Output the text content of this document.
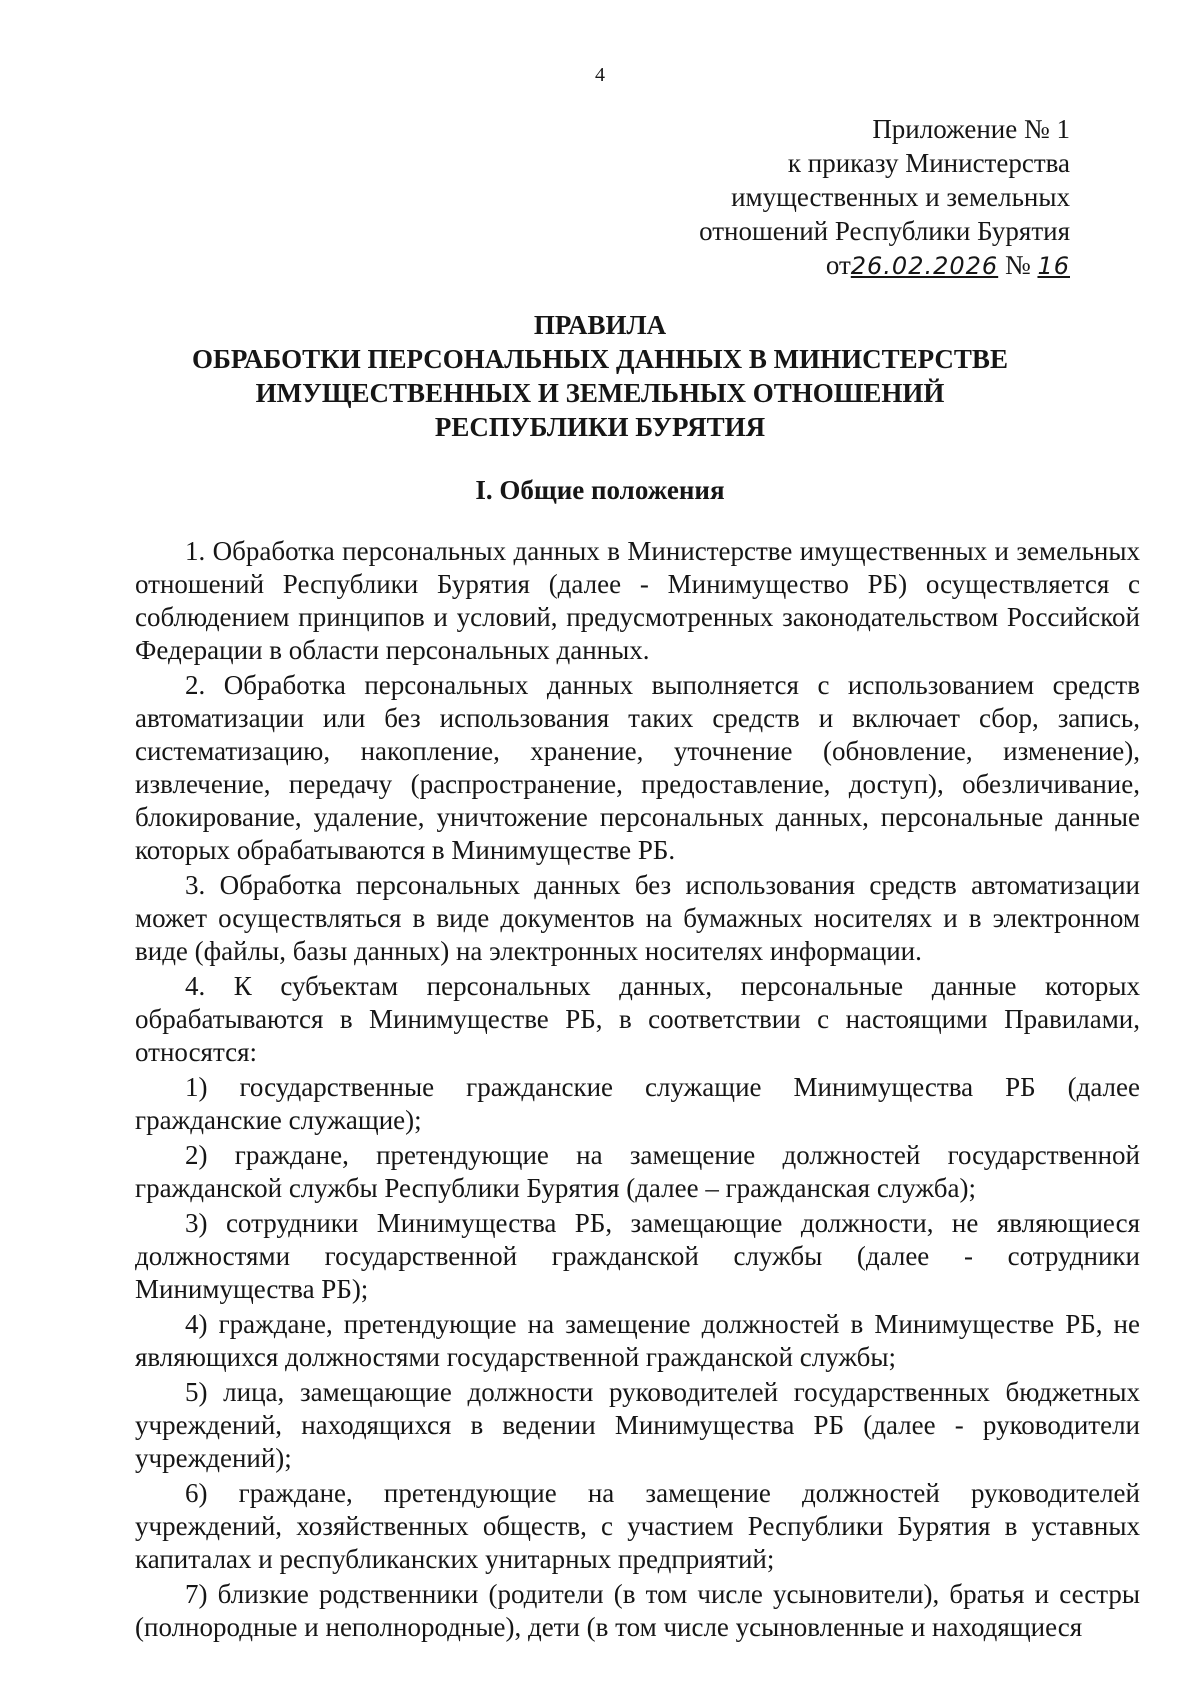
4
Приложение № 1
к приказу Министерства
имущественных и земельных
отношений Республики Бурятия
от26.02.2026 № 16
ПРАВИЛА
ОБРАБОТКИ ПЕРСОНАЛЬНЫХ ДАННЫХ В МИНИСТЕРСТВЕ
ИМУЩЕСТВЕННЫХ И ЗЕМЕЛЬНЫХ ОТНОШЕНИЙ
РЕСПУБЛИКИ БУРЯТИЯ
I. Общие положения

1. Обработка персональных данных в Министерстве имущественных и земельных отношений Республики Бурятия (далее - Минимущество РБ) осуществляется с соблюдением принципов и условий, предусмотренных законодательством Российской Федерации в области персональных данных.

2. Обработка персональных данных выполняется с использованием средств автоматизации или без использования таких средств и включает сбор, запись, систематизацию, накопление, хранение, уточнение (обновление, изменение), извлечение, передачу (распространение, предоставление, доступ), обезличивание, блокирование, удаление, уничтожение персональных данных, персональные данные которых обрабатываются в Минимуществе РБ.

3. Обработка персональных данных без использования средств автоматизации может осуществляться в виде документов на бумажных носителях и в электронном виде (файлы, базы данных) на электронных носителях информации.

4. К субъектам персональных данных, персональные данные которых обрабатываются в Минимуществе РБ, в соответствии с настоящими Правилами, относятся:

1) государственные гражданские служащие Минимущества РБ (далее гражданские служащие);

2) граждане, претендующие на замещение должностей государственной гражданской службы Республики Бурятия (далее – гражданская служба);

3) сотрудники Минимущества РБ, замещающие должности, не являющиеся должностями государственной гражданской службы (далее - сотрудники Минимущества РБ);

4) граждане, претендующие на замещение должностей в Минимуществе РБ, не являющихся должностями государственной гражданской службы;

5) лица, замещающие должности руководителей государственных бюджетных учреждений, находящихся в ведении Минимущества РБ (далее - руководители учреждений);

6) граждане, претендующие на замещение должностей руководителей учреждений, хозяйственных обществ, с участием Республики Бурятия в уставных капиталах и республиканских унитарных предприятий;

7) близкие родственники (родители (в том числе усыновители), братья и сестры (полнородные и неполнородные), дети (в том числе усыновленные и находящиеся
